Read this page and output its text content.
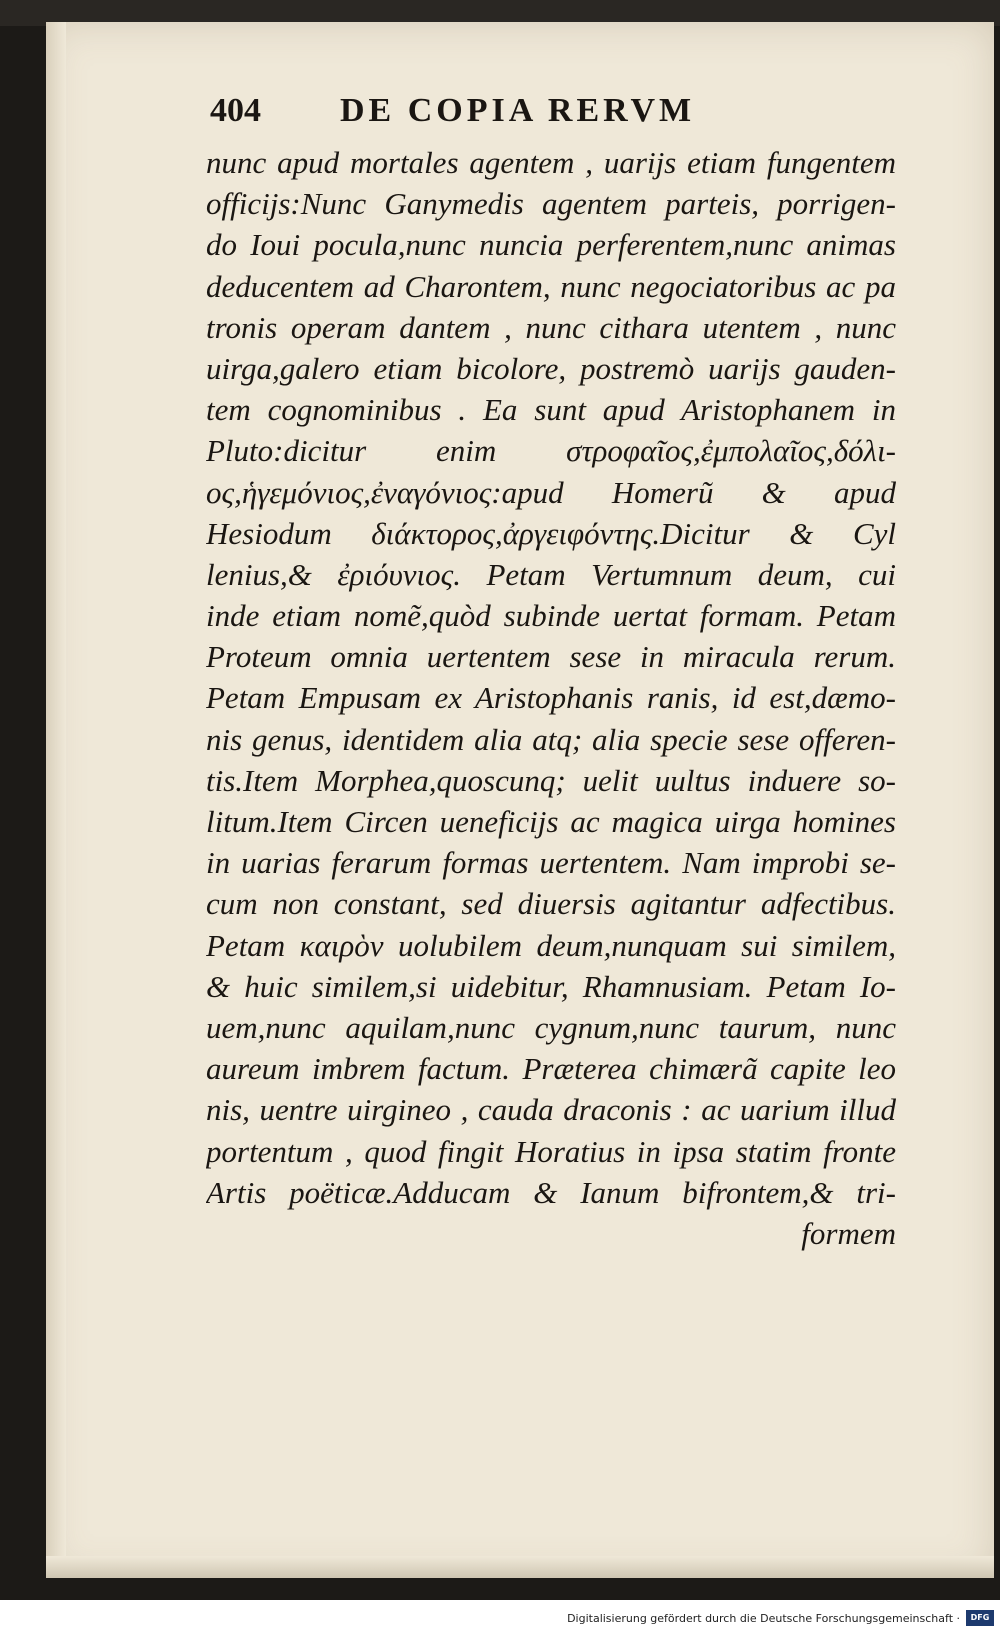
404 DE COPIA RERVM
nunc apud mortales agentem , uarijs etiam fungentem
officijs:Nunc Ganymedis agentem parteis, porrigen-
do Ioui pocula,nunc nuncia perferentem,nunc animas
deducentem ad Charontem, nunc negociatoribus ac pa
tronis operam dantem , nunc cithara utentem , nunc
uirga,galero etiam bicolore, postremò uarijs gauden-
tem cognominibus . Ea sunt apud Aristophanem in
Pluto:dicitur enim στροφαῖος,ἐμπολαῖος,δόλι-
ος,ἡγεμόνιος,ἐναγόνιος:apud Homerũ & apud
Hesiodum διάκτορος,ἀργειφόντης.Dicitur & Cyl
lenius,& ἐριόυνιος. Petam Vertumnum deum, cui
inde etiam nomẽ,quòd subinde uertat formam. Petam
Proteum omnia uertentem sese in miracula rerum.
Petam Empusam ex Aristophanis ranis, id est,dæmo-
nis genus, identidem alia atq; alia specie sese offeren-
tis.Item Morphea,quoscunq; uelit uultus induere so-
litum.Item Circen ueneficijs ac magica uirga homines
in uarias ferarum formas uertentem. Nam improbi se-
cum non constant, sed diuersis agitantur adfectibus.
Petam καιρὸν uolubilem deum,nunquam sui similem,
& huic similem,si uidebitur, Rhamnusiam. Petam Io-
uem,nunc aquilam,nunc cygnum,nunc taurum, nunc
aureum imbrem factum. Præterea chimærã capite leo
nis, uentre uirgineo , cauda draconis : ac uarium illud
portentum , quod fingit Horatius in ipsa statim fronte
Artis poëticæ.Adducam & Ianum bifrontem,& tri-
formem
Digitalisierung gefördert durch die Deutsche Forschungsgemeinschaft ·	DFG
